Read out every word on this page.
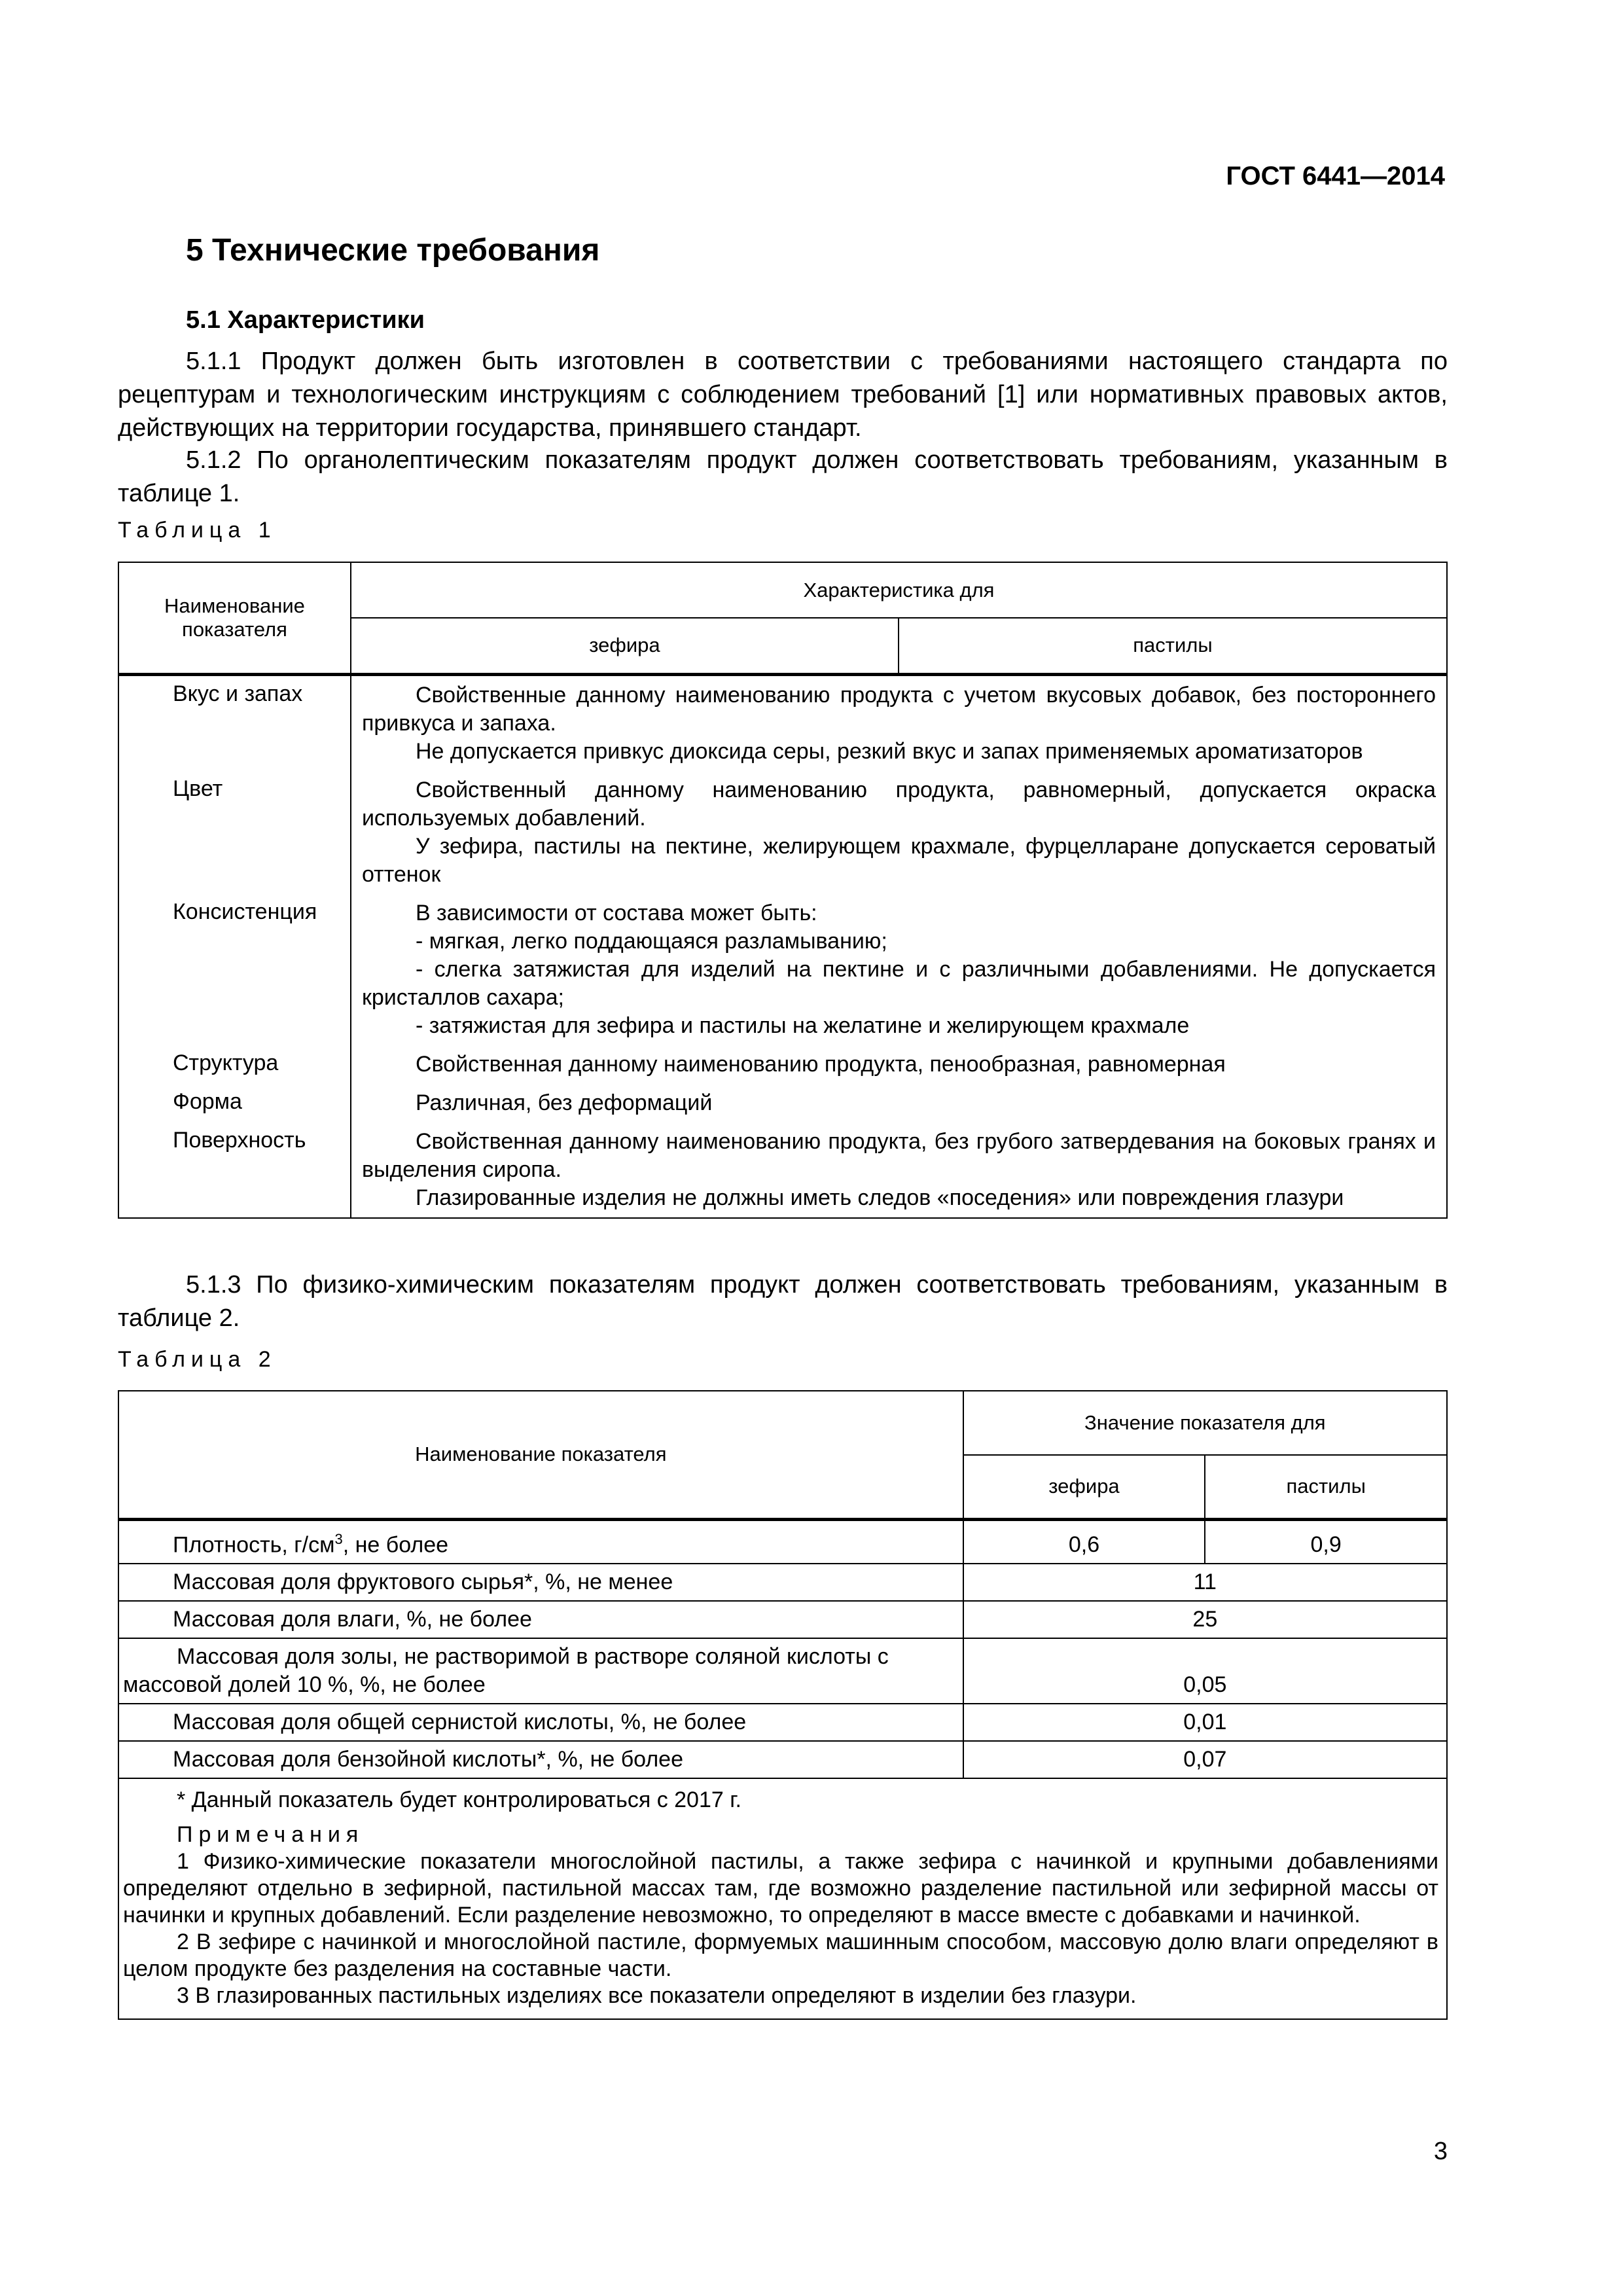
ГОСТ 6441—2014
5 Технические требования
5.1 Характеристики
5.1.1 Продукт должен быть изготовлен в соответствии с требованиями настоящего стандарта по рецептурам и технологическим инструкциям с соблюдением требований [1] или нормативных правовых актов, действующих на территории государства, принявшего стандарт.
5.1.2 По органолептическим показателям продукт должен соответствовать требованиям, указанным в таблице 1.
Таблица 1
Наименование показателя	Характеристика для	
	зефира	пастилы
Вкус и запах	Свойственные данному наименованию продукта с учетом вкусовых добавок, без постороннего привкуса и запаха.
Не допускается привкус диоксида серы, резкий вкус и запах применяемых ароматизаторов	

Цвет	Свойственный данному наименованию продукта, равномерный, допускается окраска используемых добавлений.
У зефира, пастилы на пектине, желирующем крахмале, фурцелларане допускается сероватый оттенок	

Консистенция	В зависимости от состава может быть:
- мягкая, легко поддающаяся разламыванию;
- слегка затяжистая для изделий на пектине и с различными добавлениями. Не допускается кристаллов сахара;
- затяжистая для зефира и пастилы на желатине и желирующем крахмале	

Структура	Свойственная данному наименованию продукта, пенообразная, равномерная	

Форма	Различная, без деформаций	

Поверхность	Свойственная данному наименованию продукта, без грубого затвердевания на боковых гранях и выделения сиропа.
Глазированные изделия не должны иметь следов «поседения» или повреждения глазури	
5.1.3 По физико-химическим показателям продукт должен соответствовать требованиям, указанным в таблице 2.
Таблица 2
Наименование показателя	Значение показателя для	
	зефира	пастилы
Плотность, $г/см^3$, не более	0,6	0,9
Массовая доля фруктового сырья*, %, не менее	11	
Массовая доля влаги, %, не более	25	
Массовая доля золы, не растворимой в растворе соляной кислоты с массовой долей 10 %, %, не более	0,05	
Массовая доля общей сернистой кислоты, %, не более	0,01	
Массовая доля бензойной кислоты*, %, не более	0,07	

* Данный показатель будет контролироваться с 2017 г.
Примечания
1 Физико-химические показатели многослойной пастилы, а также зефира с начинкой и крупными добавлениями определяют отдельно в зефирной, пастильной массах там, где возможно разделение пастильной или зефирной массы от начинки и крупных добавлений. Если разделение невозможно, то определяют в массе вместе с добавками и начинкой.
2 В зефире с начинкой и многослойной пастиле, формуемых машинным способом, массовую долю влаги определяют в целом продукте без разделения на составные части.
3 В глазированных пастильных изделиях все показатели определяют в изделии без глазури.		
3
